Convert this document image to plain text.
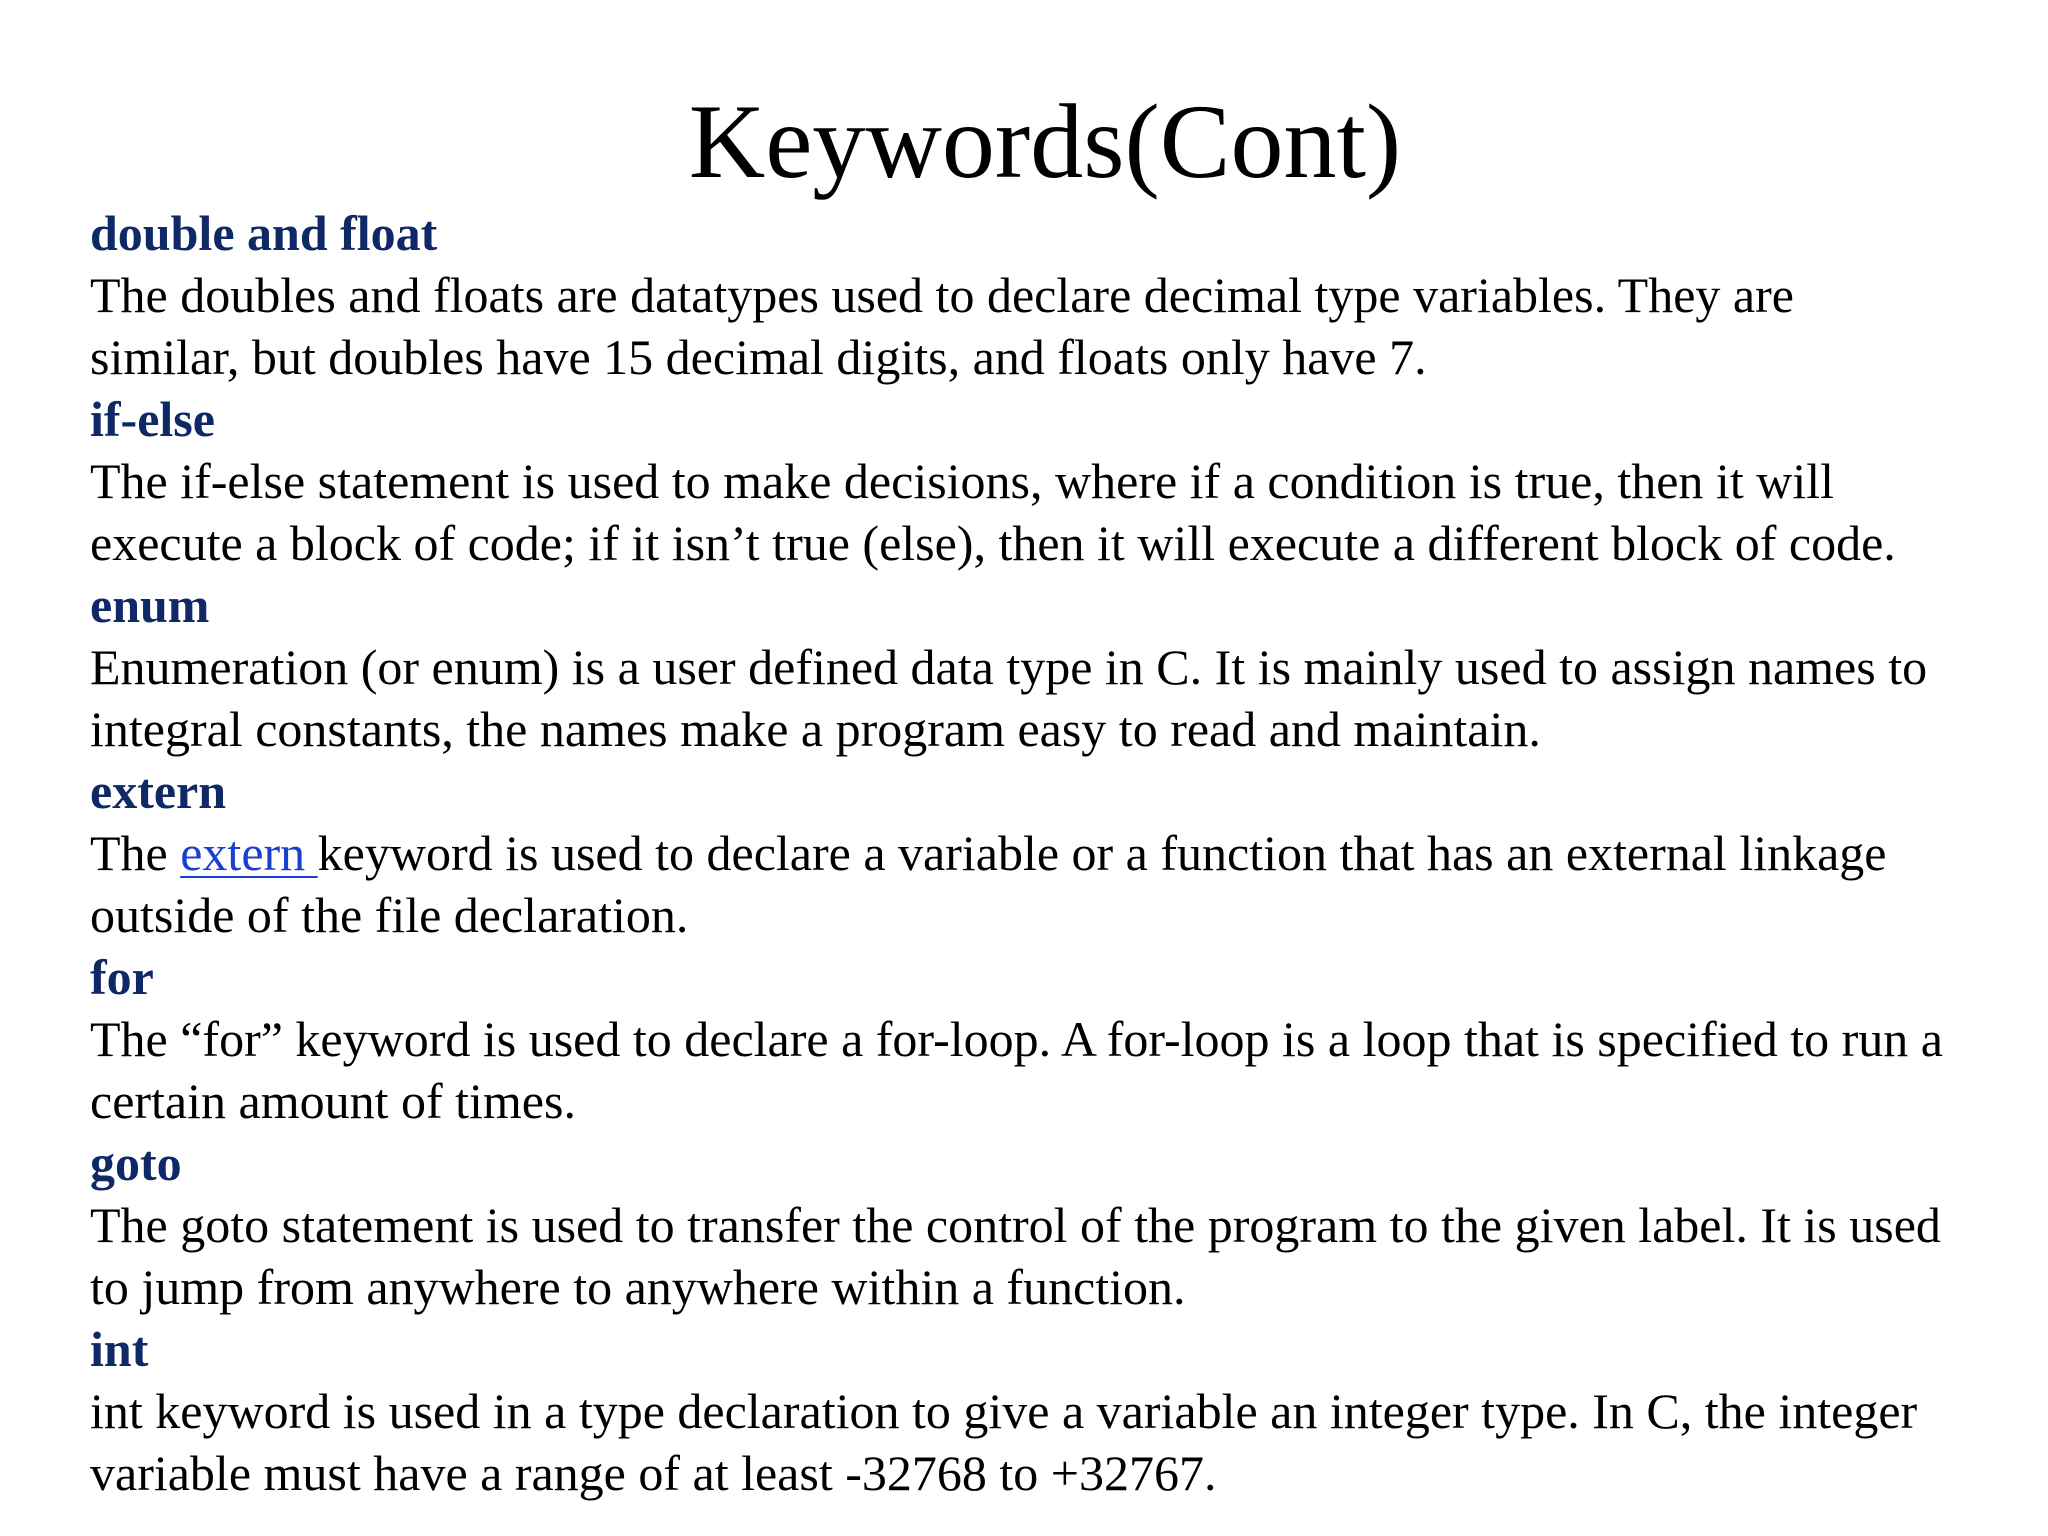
Keywords(Cont)
double and float
The doubles and floats are datatypes used to declare decimal type variables. They are
similar, but doubles have 15 decimal digits, and floats only have 7.
if-else
The if-else statement is used to make decisions, where if a condition is true, then it will
execute a block of code; if it isn’t true (else), then it will execute a different block of code.
enum
Enumeration (or enum) is a user defined data type in C. It is mainly used to assign names to
integral constants, the names make a program easy to read and maintain.
extern
The extern keyword is used to declare a variable or a function that has an external linkage
outside of the file declaration.
for
The “for” keyword is used to declare a for-loop. A for-loop is a loop that is specified to run a
certain amount of times.
goto
The goto statement is used to transfer the control of the program to the given label. It is used
to jump from anywhere to anywhere within a function.
int
int keyword is used in a type declaration to give a variable an integer type. In C, the integer
variable must have a range of at least -32768 to +32767.
